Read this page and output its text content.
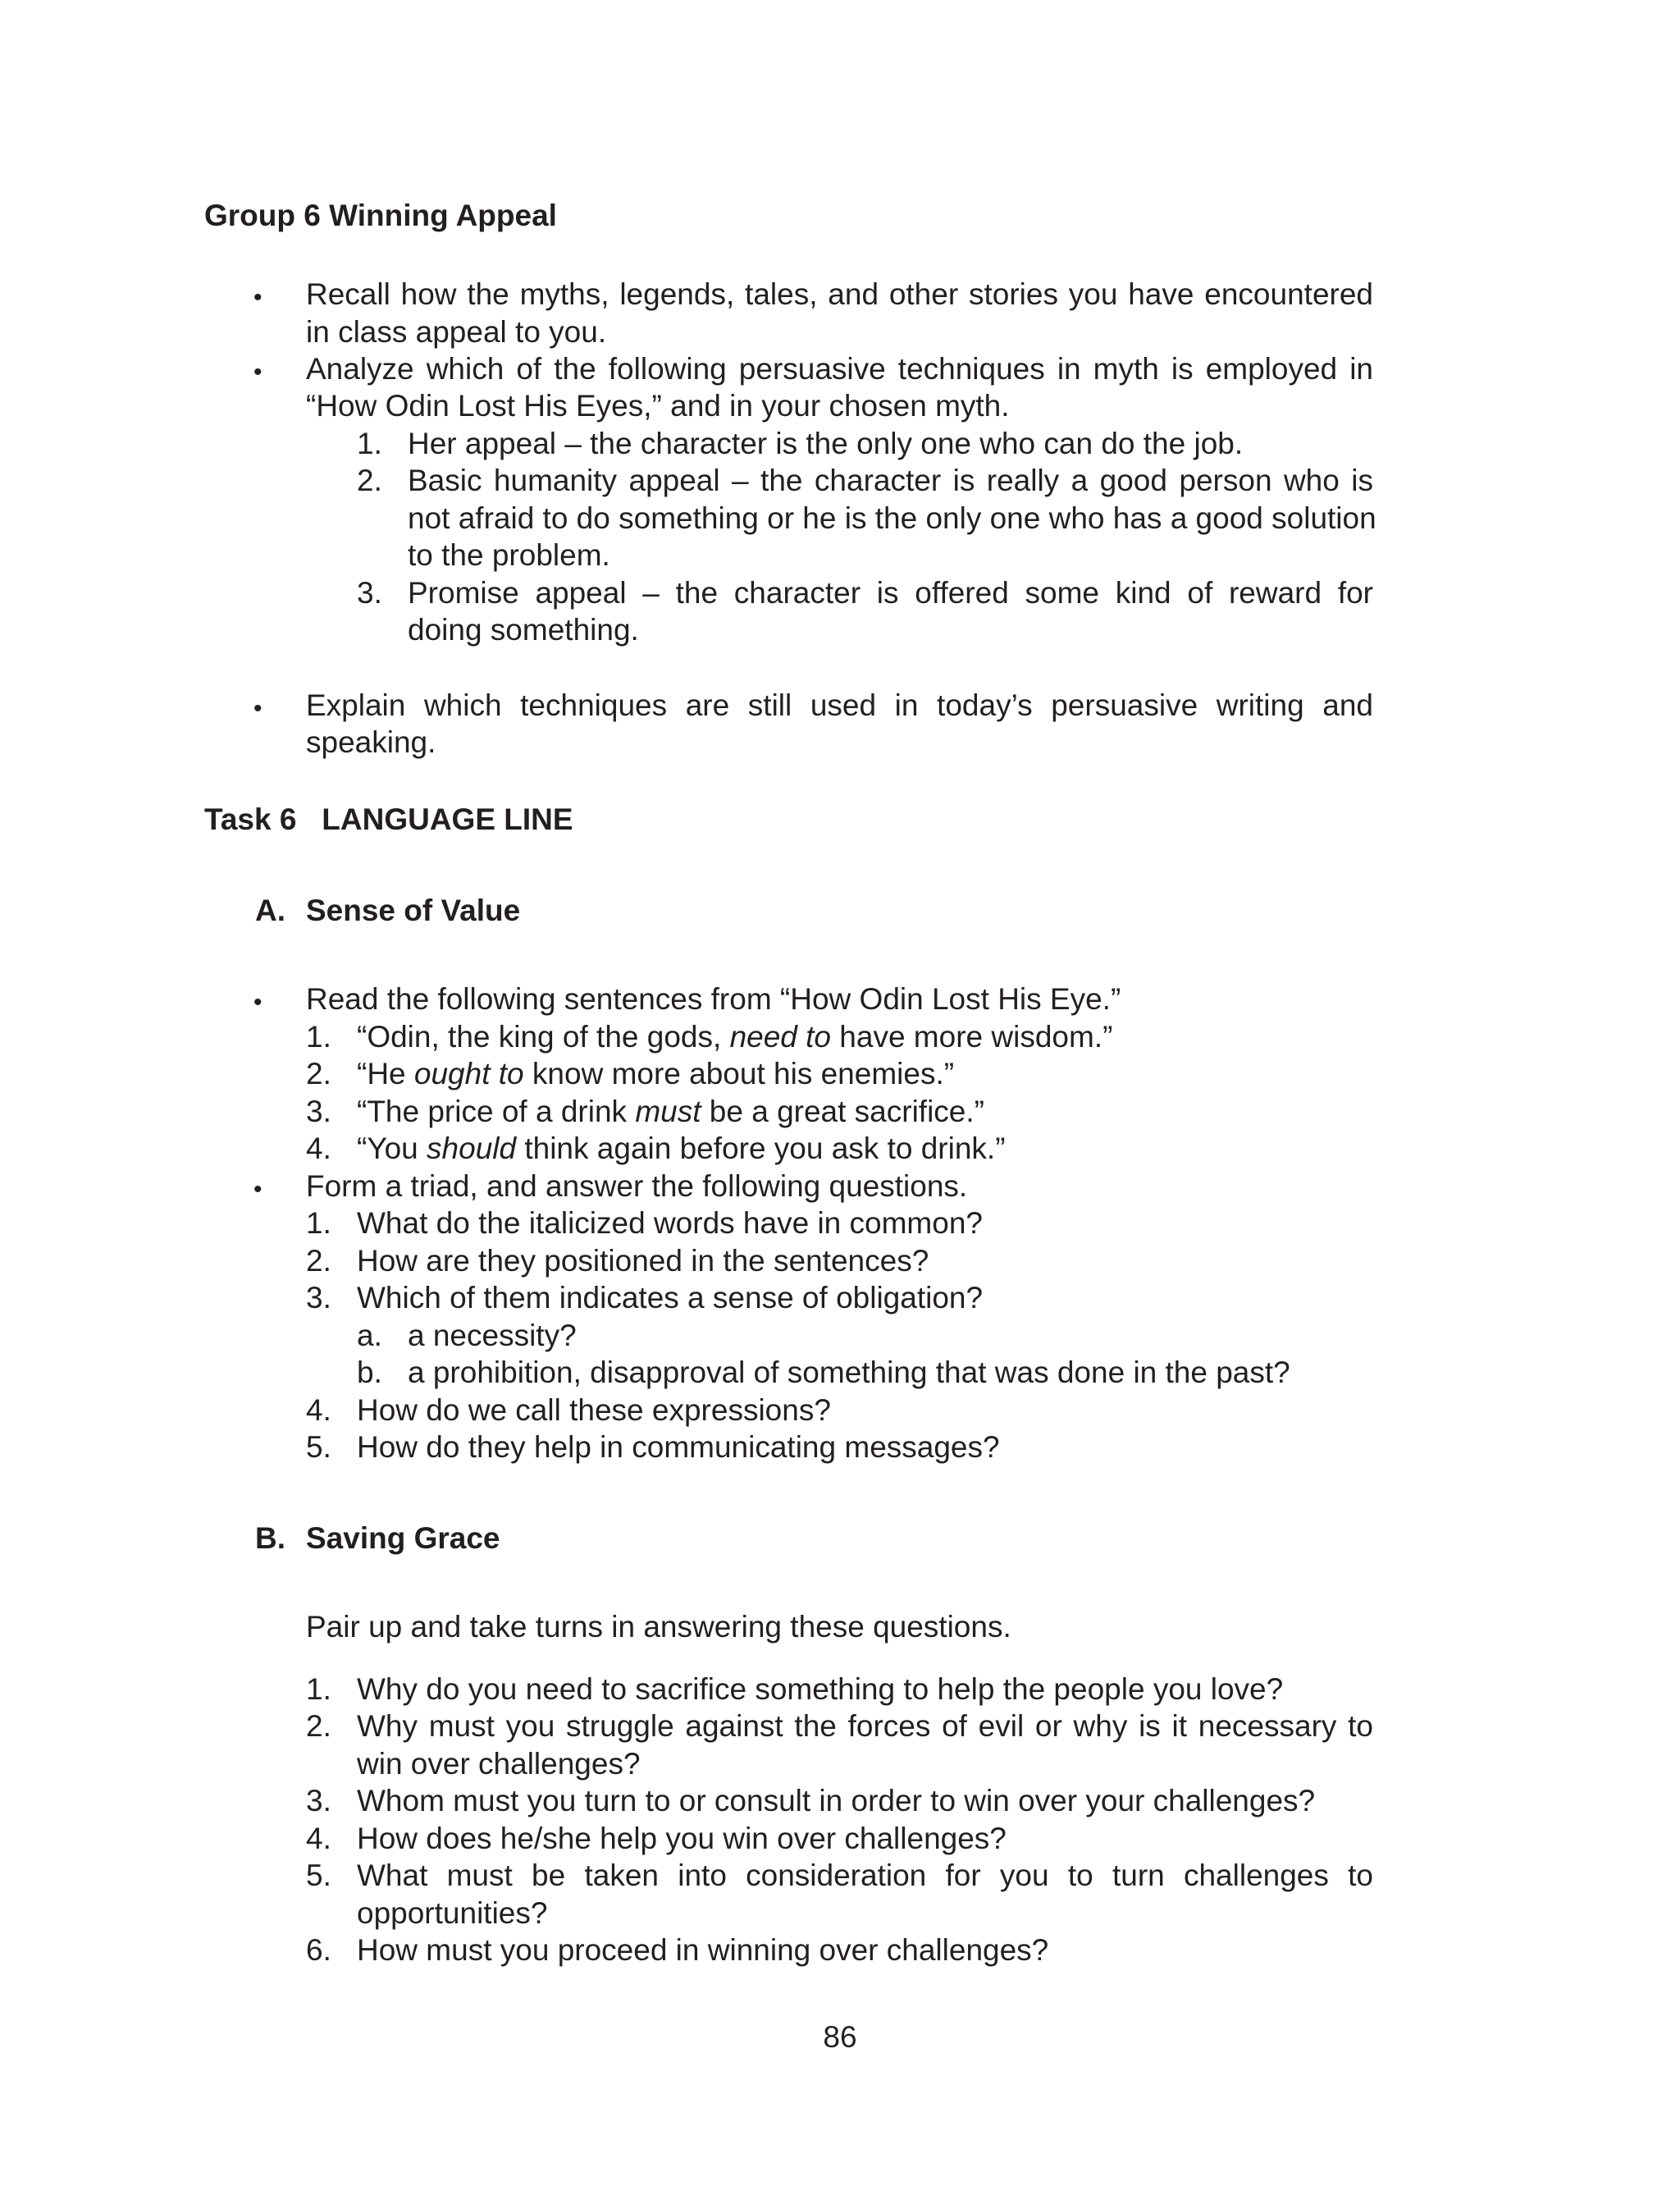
Group 6 Winning Appeal
• Recall how the myths, legends, tales, and other stories you have encountered
in class appeal to you.
• Analyze which of the following persuasive techniques in myth is employed in
“How Odin Lost His Eyes,” and in your chosen myth.
1. Her appeal – the character is the only one who can do the job.
2. Basic humanity appeal – the character is really a good person who is
not afraid to do something or he is the only one who has a good solution
to the problem.
3. Promise appeal – the character is offered some kind of reward for
doing something.
• Explain which techniques are still used in today’s persuasive writing and
speaking.
Task 6   LANGUAGE LINE
A. Sense of Value
• Read the following sentences from “How Odin Lost His Eye.”
1. “Odin, the king of the gods, need to have more wisdom.”
2. “He ought to know more about his enemies.”
3. “The price of a drink must be a great sacrifice.”
4. “You should think again before you ask to drink.”
• Form a triad, and answer the following questions.
1. What do the italicized words have in common?
2. How are they positioned in the sentences?
3. Which of them indicates a sense of obligation?
a. a necessity?
b. a prohibition, disapproval of something that was done in the past?
4. How do we call these expressions?
5. How do they help in communicating messages?
B. Saving Grace
Pair up and take turns in answering these questions.
1. Why do you need to sacrifice something to help the people you love?
2. Why must you struggle against the forces of evil or why is it necessary to
win over challenges?
3. Whom must you turn to or consult in order to win over your challenges?
4. How does he/she help you win over challenges?
5. What must be taken into consideration for you to turn challenges to
opportunities?
6. How must you proceed in winning over challenges?
86
